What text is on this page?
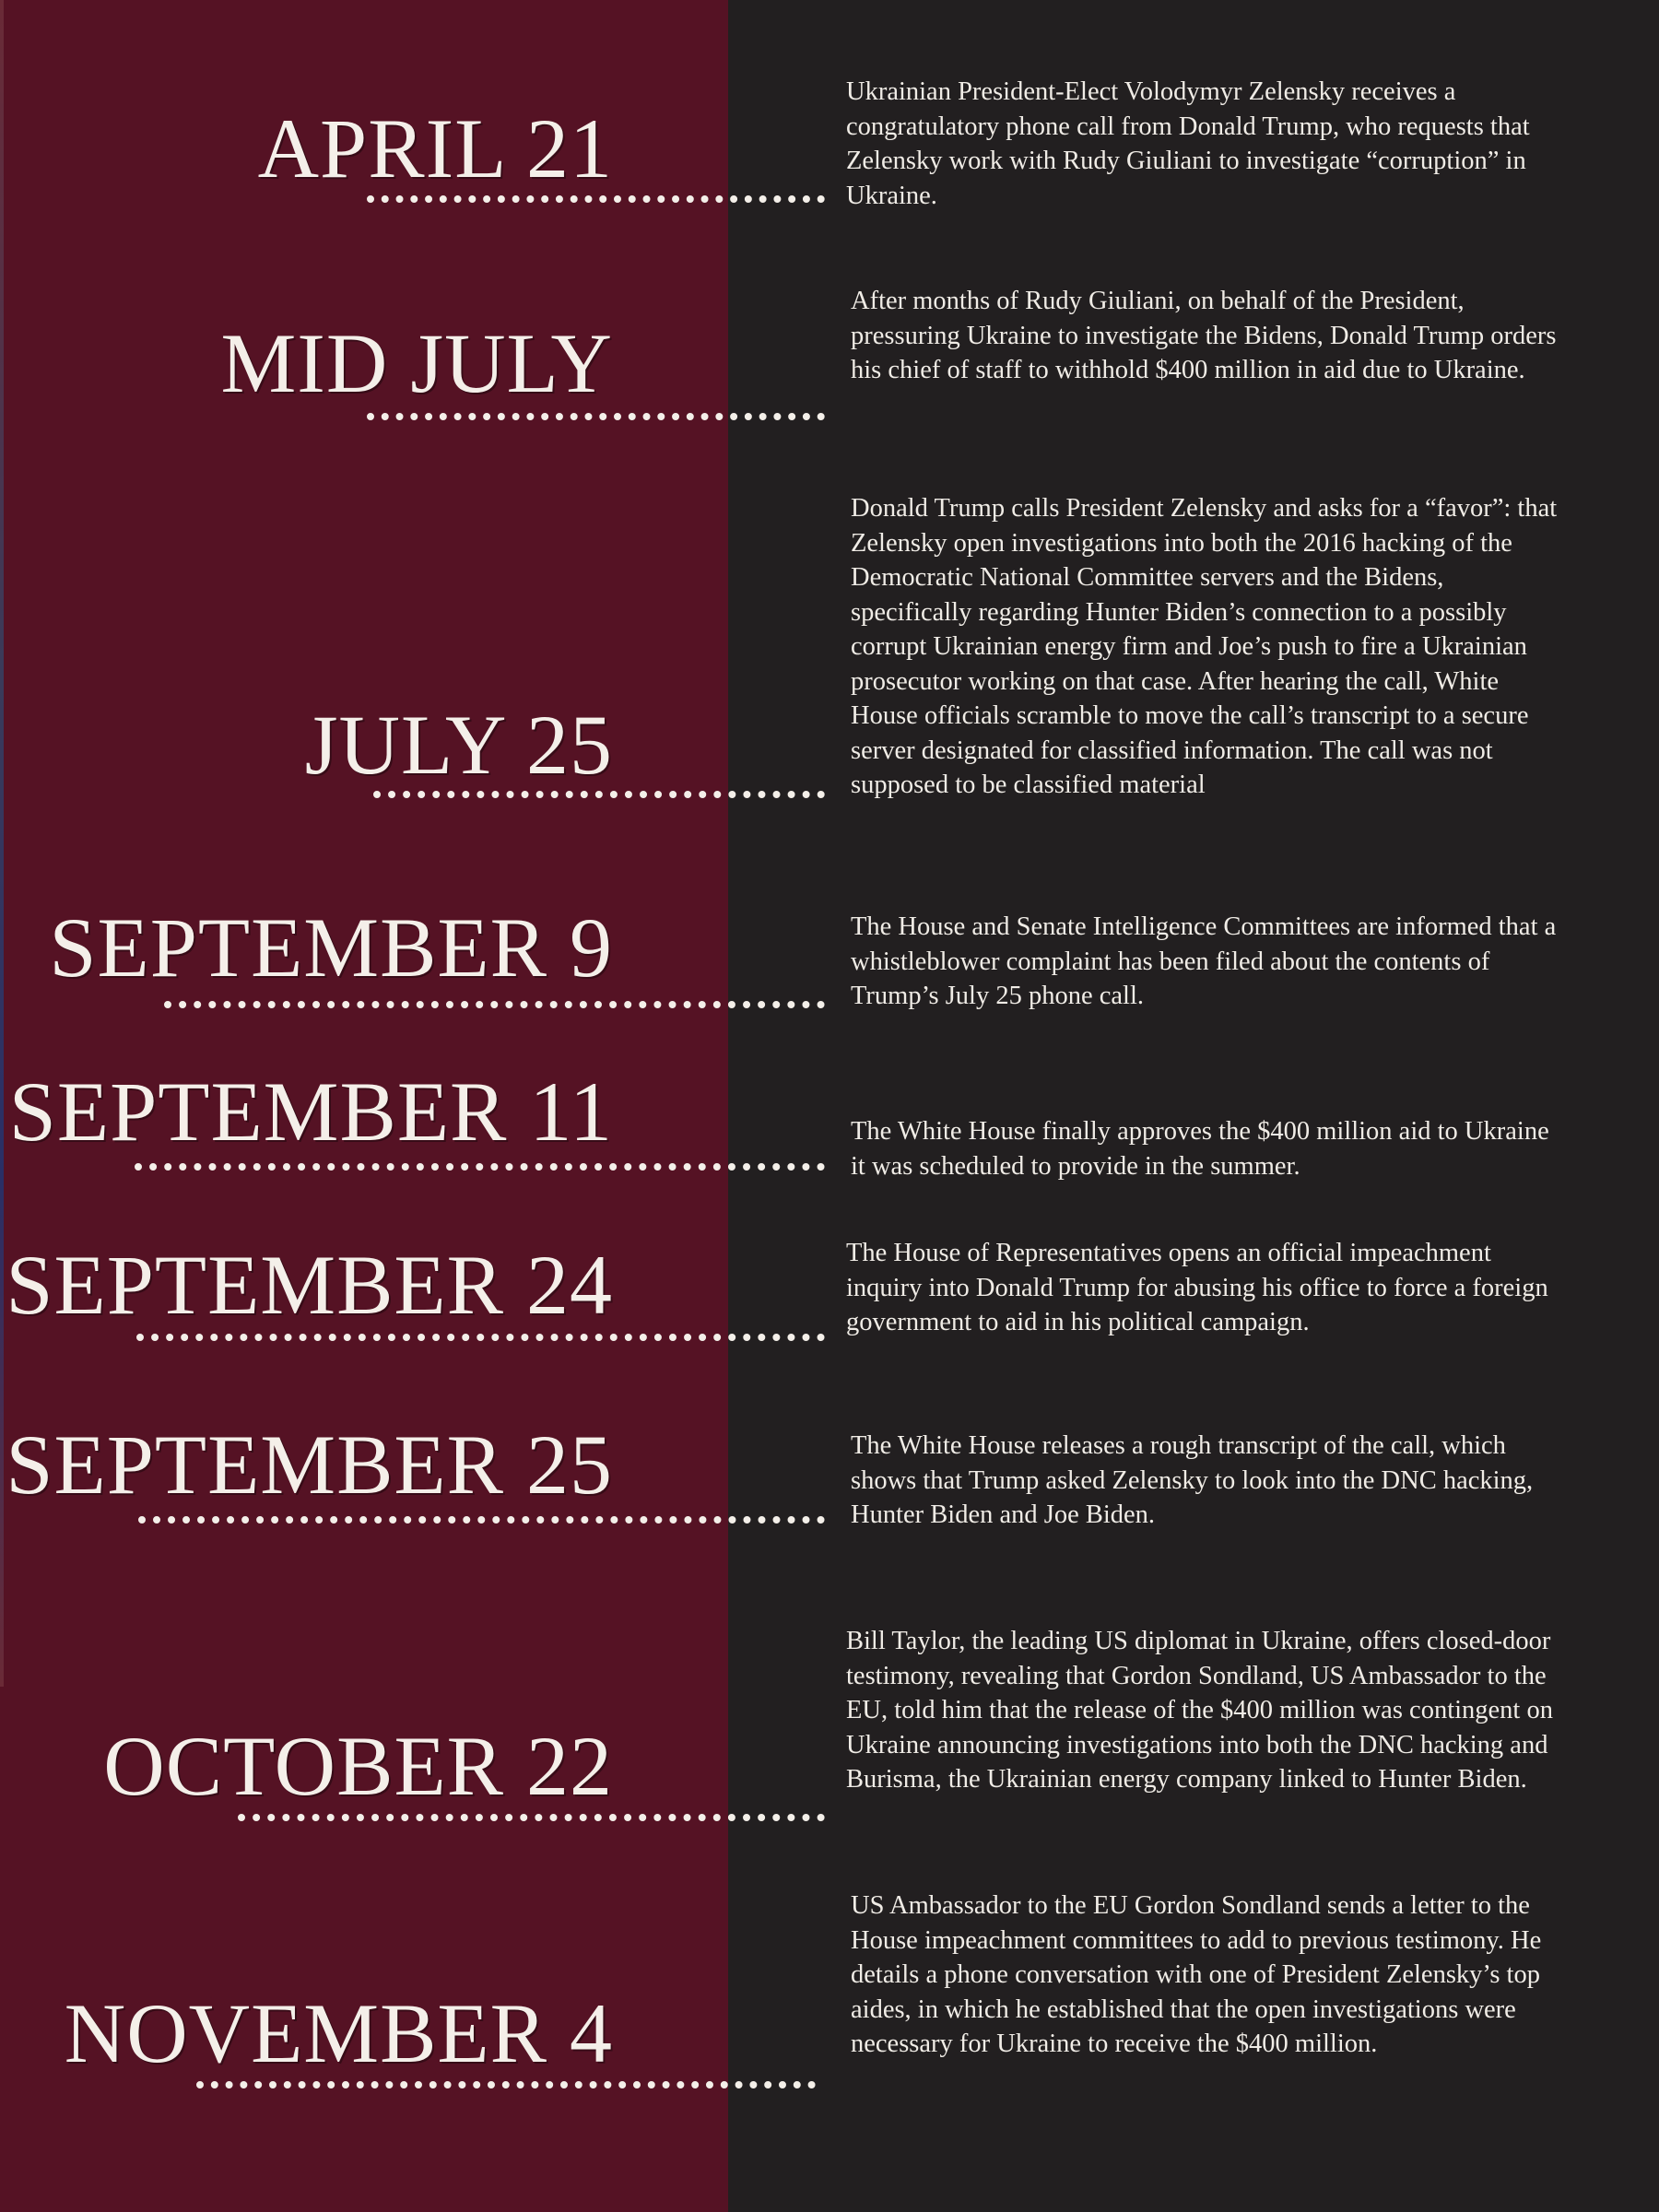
APRIL 21
Ukrainian President-Elect Volodymyr Zelensky receives a congratulatory phone call from Donald Trump, who requests that Zelensky work with Rudy Giuliani to investigate “corruption” in Ukraine.
MID JULY
After months of Rudy Giuliani, on behalf of the President, pressuring Ukraine to investigate the Bidens, Donald Trump orders his chief of staff to withhold $400 million in aid due to Ukraine.
JULY 25
Donald Trump calls President Zelensky and asks for a “favor”: that Zelensky open investigations into both the 2016 hacking of the Democratic National Committee servers and the Bidens, specifically regarding Hunter Biden’s connection to a possibly corrupt Ukrainian energy firm and Joe’s push to fire a Ukrainian prosecutor working on that case. After hearing the call, White House officials scramble to move the call’s transcript to a secure server designated for classified information. The call was not supposed to be classified material
SEPTEMBER 9	The House and Senate Intelligence Committees are informed that a whistleblower complaint has been filed about the contents of Trump’s July 25 phone call.
SEPTEMBER 11	The White House finally approves the $400 million aid to Ukraine it was scheduled to provide in the summer.
SEPTEMBER 24	The House of Representatives opens an official impeachment inquiry into Donald Trump for abusing his office to force a foreign government to aid in his political campaign.
SEPTEMBER 25	The White House releases a rough transcript of the call, which shows that Trump asked Zelensky to look into the DNC hacking, Hunter Biden and Joe Biden.
OCTOBER 22
Bill Taylor, the leading US diplomat in Ukraine, offers closed-door testimony, revealing that Gordon Sondland, US Ambassador to the EU, told him that the release of the $400 million was contingent on Ukraine announcing investigations into both the DNC hacking and Burisma, the Ukrainian energy company linked to Hunter Biden.
NOVEMBER 4
US Ambassador to the EU Gordon Sondland sends a letter to the House impeachment committees to add to previous testimony. He details a phone conversation with one of President Zelensky’s top aides, in which he established that the open investigations were necessary for Ukraine to receive the $400 million.
